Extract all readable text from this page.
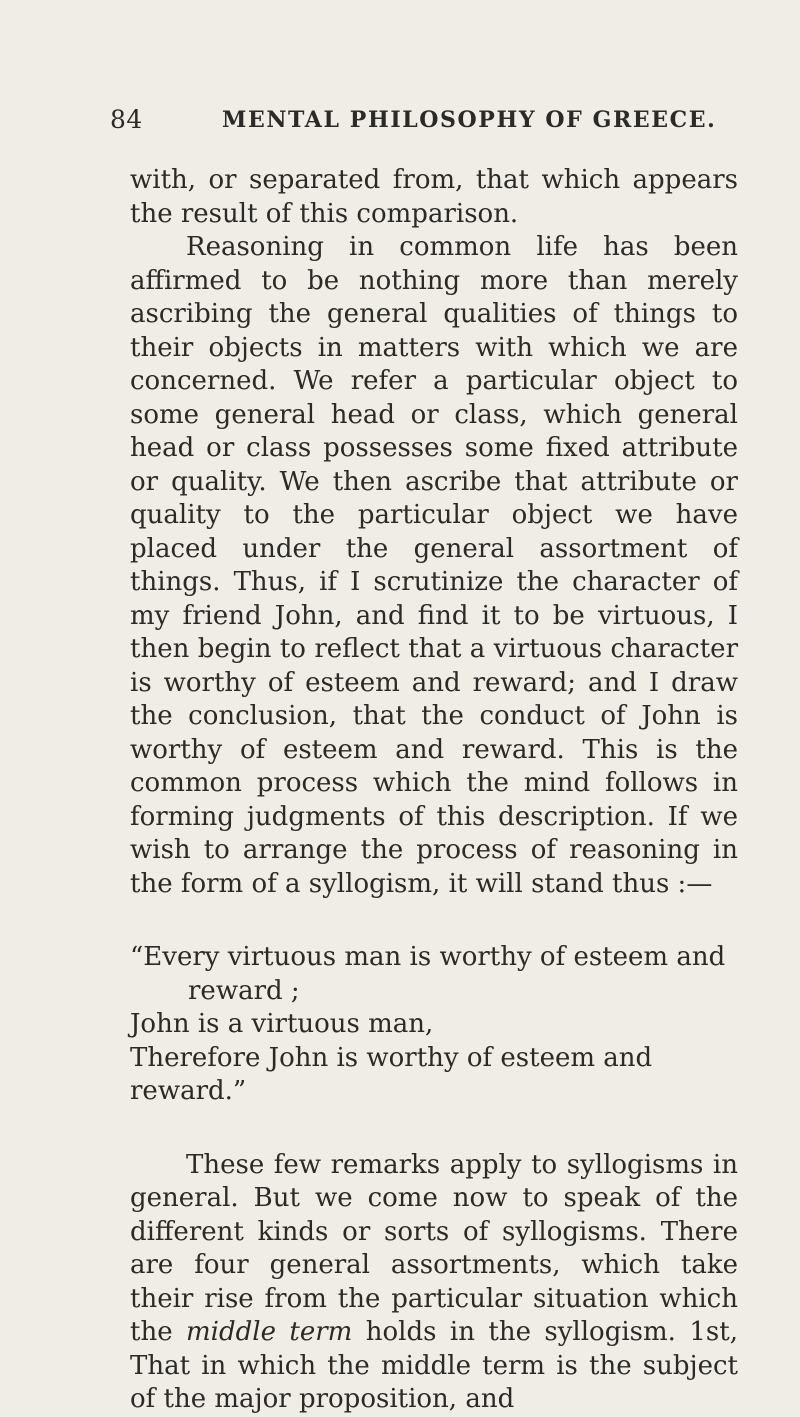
84	MENTAL PHILOSOPHY OF GREECE.

with, or separated from, that which appears the result of this comparison.

Reasoning in common life has been affirmed to be nothing more than merely ascribing the general qualities of things to their objects in matters with which we are concerned. We refer a particular object to some general head or class, which general head or class possesses some fixed attribute or quality. We then ascribe that attribute or quality to the particular object we have placed under the general assortment of things. Thus, if I scrutinize the character of my friend John, and find it to be virtuous, I then begin to reflect that a virtuous character is worthy of esteem and reward; and I draw the conclusion, that the conduct of John is worthy of esteem and reward. This is the common process which the mind follows in forming judgments of this description. If we wish to arrange the process of reasoning in the form of a syllogism, it will stand thus :—

“Every virtuous man is worthy of esteem and
reward ;
John is a virtuous man,
Therefore John is worthy of esteem and reward.”

These few remarks apply to syllogisms in general. But we come now to speak of the different kinds or sorts of syllogisms. There are four general assortments, which take their rise from the particular situation which the middle term holds in the syllogism. 1st, That in which the middle term is the subject of the major proposition, and
